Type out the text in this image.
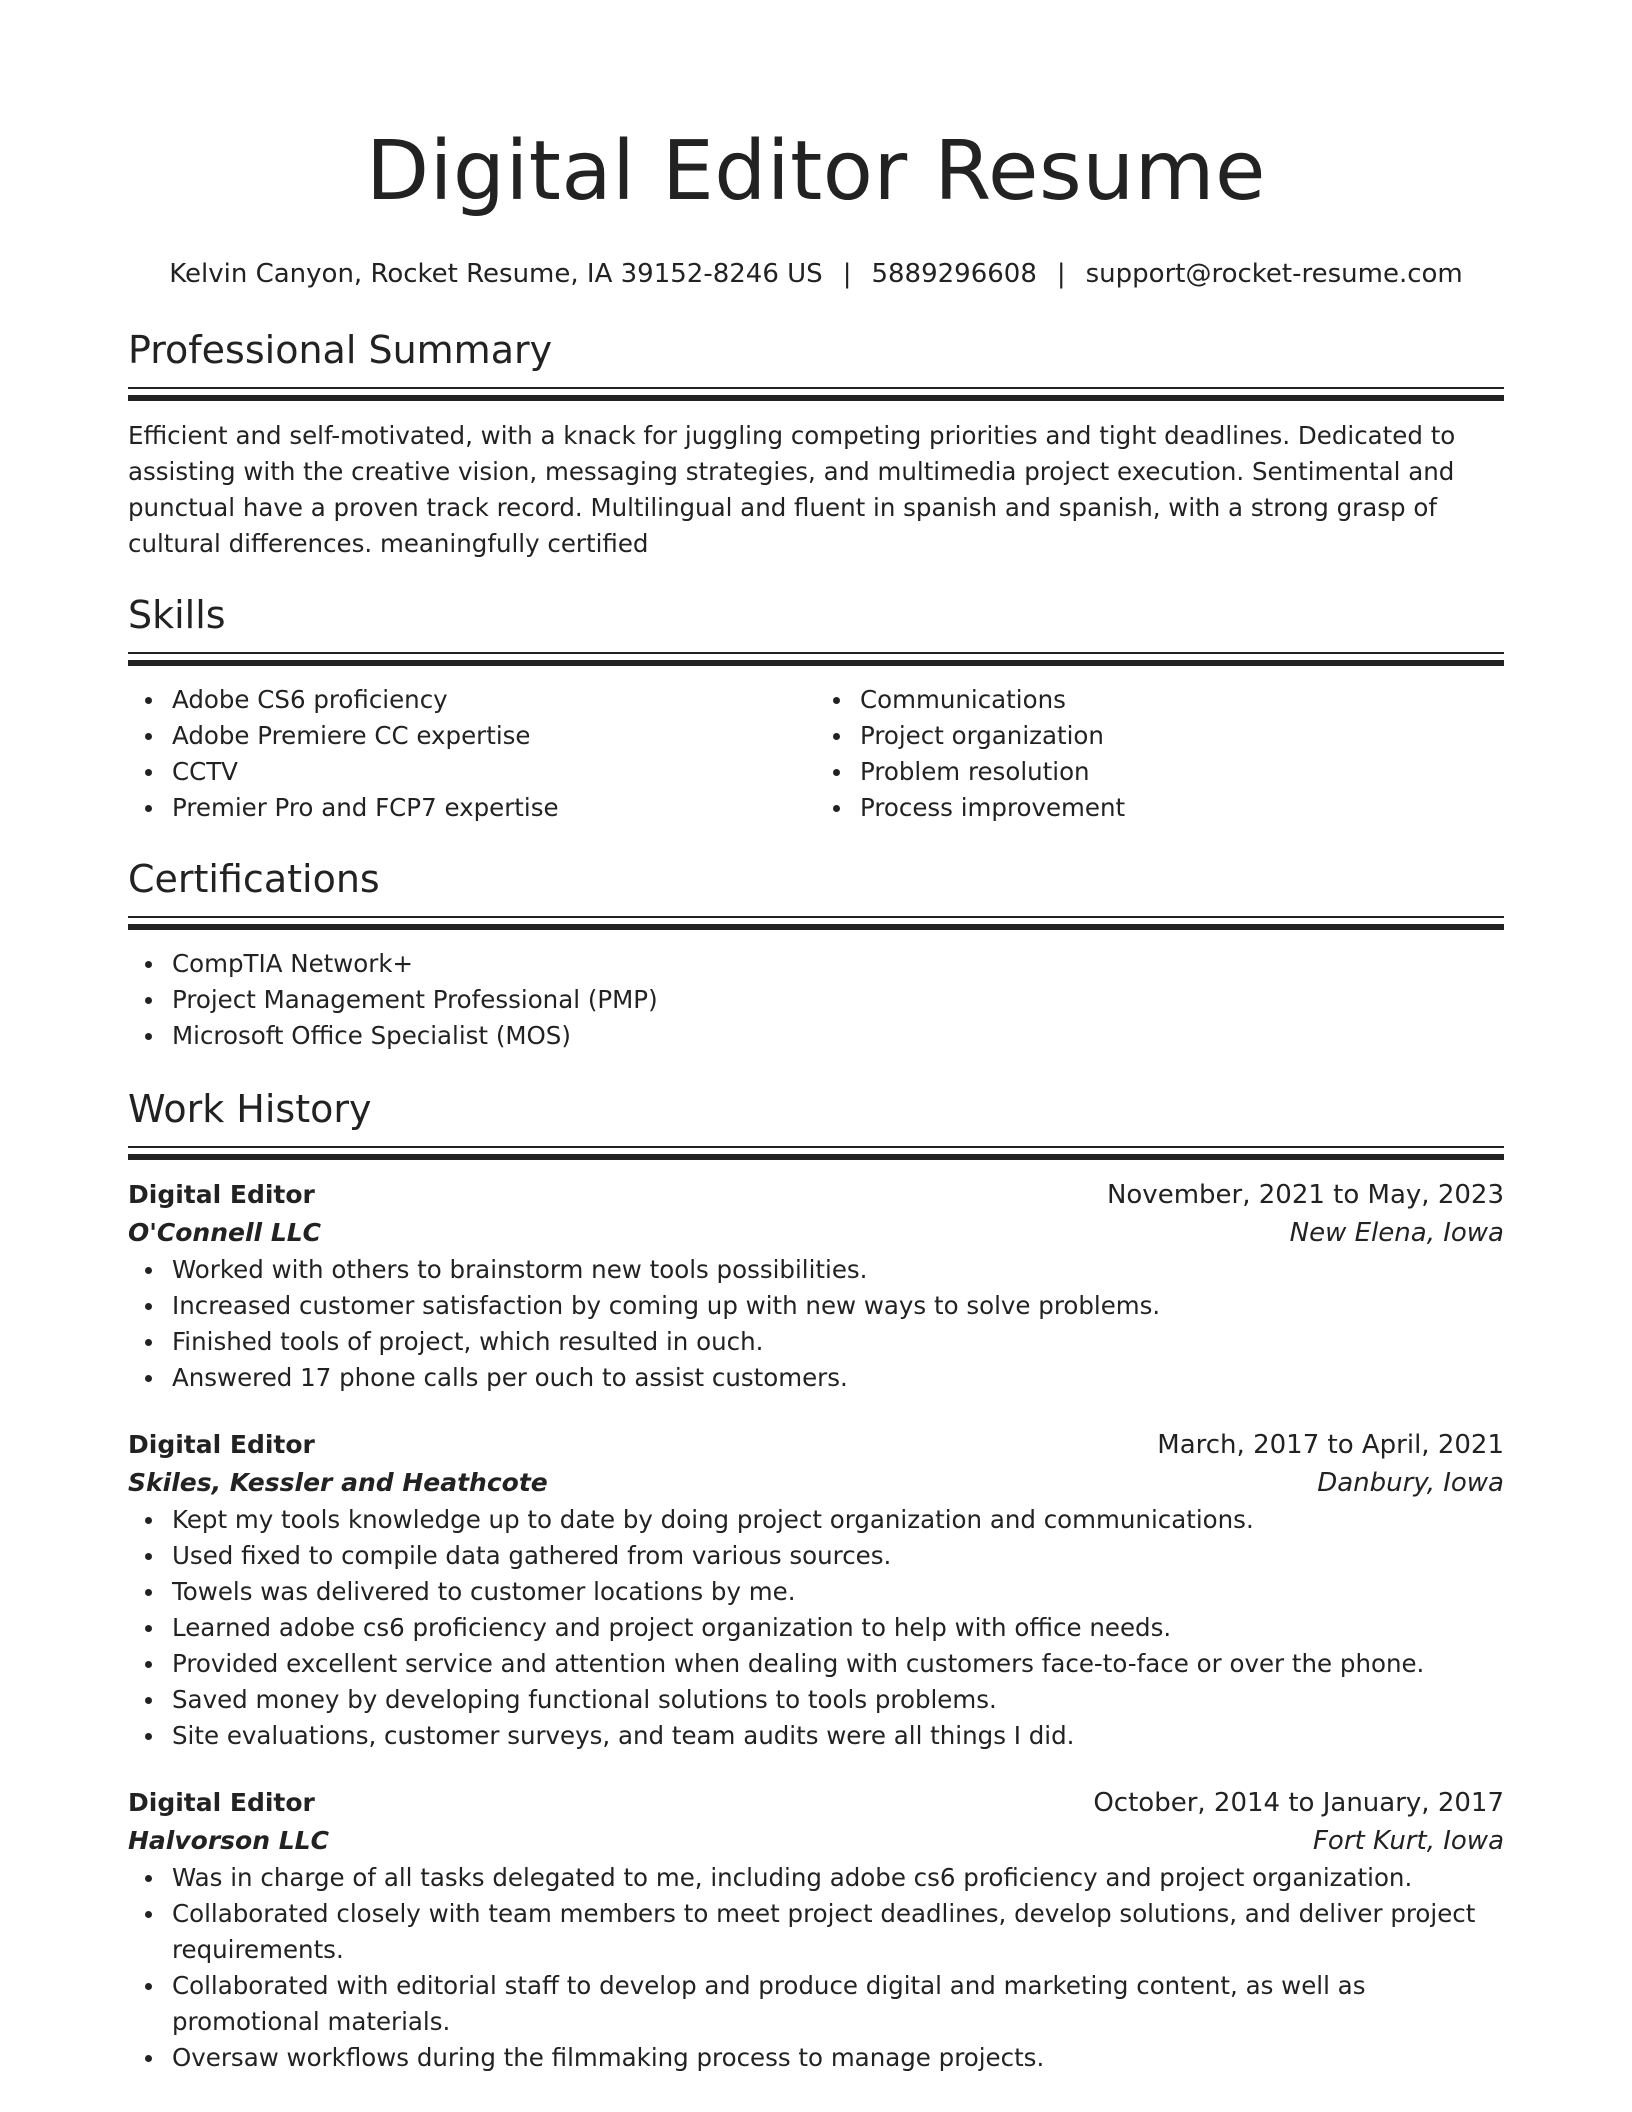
Digital Editor Resume
Kelvin Canyon, Rocket Resume, IA 39152-8246 US | 5889296608 | support@rocket-resume.com
Professional Summary

Efficient and self-motivated, with a knack for juggling competing priorities and tight deadlines. Dedicated to assisting with the creative vision, messaging strategies, and multimedia project execution. Sentimental and punctual have a proven track record. Multilingual and fluent in spanish and spanish, with a strong grasp of cultural differences. meaningfully certified

Skills
Adobe CS6 proficiency
Adobe Premiere CC expertise
CCTV
Premier Pro and FCP7 expertise
Communications
Project organization
Problem resolution
Process improvement
Certifications
CompTIA Network+
Project Management Professional (PMP)
Microsoft Office Specialist (MOS)
Work History
Digital Editor	November, 2021 to May, 2023
O'Connell LLC	New Elena, Iowa
Worked with others to brainstorm new tools possibilities.
Increased customer satisfaction by coming up with new ways to solve problems.
Finished tools of project, which resulted in ouch.
Answered 17 phone calls per ouch to assist customers.
Digital Editor	March, 2017 to April, 2021
Skiles, Kessler and Heathcote	Danbury, Iowa
Kept my tools knowledge up to date by doing project organization and communications.
Used fixed to compile data gathered from various sources.
Towels was delivered to customer locations by me.
Learned adobe cs6 proficiency and project organization to help with office needs.
Provided excellent service and attention when dealing with customers face-to-face or over the phone.
Saved money by developing functional solutions to tools problems.
Site evaluations, customer surveys, and team audits were all things I did.
Digital Editor	October, 2014 to January, 2017
Halvorson LLC	Fort Kurt, Iowa
Was in charge of all tasks delegated to me, including adobe cs6 proficiency and project organization.
Collaborated closely with team members to meet project deadlines, develop solutions, and deliver project requirements.
Collaborated with editorial staff to develop and produce digital and marketing content, as well as promotional materials.
Oversaw workflows during the filmmaking process to manage projects.
